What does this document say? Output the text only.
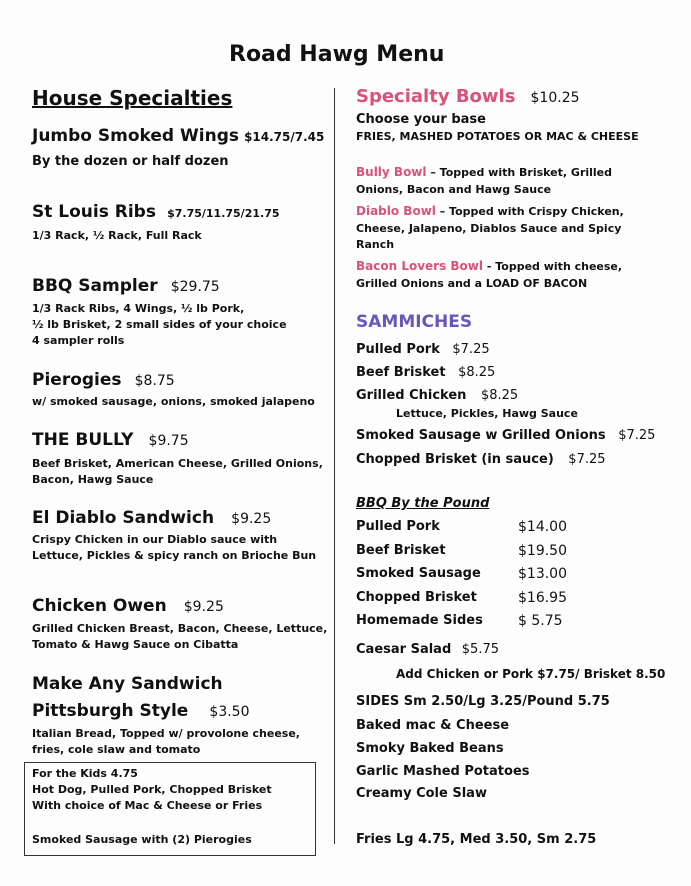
Road Hawg Menu
House Specialties
Jumbo Smoked Wings $14.75/7.45
By the dozen or half dozen
St Louis Ribs $7.75/11.75/21.75
1/3 Rack, ½ Rack, Full Rack
BBQ Sampler $29.75
1/3 Rack Ribs, 4 Wings, ½ lb Pork,
½ lb Brisket, 2 small sides of your choice
4 sampler rolls
Pierogies $8.75
w/ smoked sausage, onions, smoked jalapeno
THE BULLY $9.75
Beef Brisket, American Cheese, Grilled Onions,
Bacon, Hawg Sauce
El Diablo Sandwich $9.25
Crispy Chicken in our Diablo sauce with
Lettuce, Pickles & spicy ranch on Brioche Bun
Chicken Owen $9.25
Grilled Chicken Breast, Bacon, Cheese, Lettuce,
Tomato & Hawg Sauce on Cibatta
Make Any Sandwich
Pittsburgh Style $3.50
Italian Bread, Topped w/ provolone cheese,
fries, cole slaw and tomato
For the Kids 4.75
Hot Dog, Pulled Pork, Chopped Brisket
With choice of Mac & Cheese or Fries
Smoked Sausage with (2) Pierogies
Specialty Bowls $10.25
Choose your base
FRIES, MASHED POTATOES OR MAC & CHEESE
Bully Bowl – Topped with Brisket, Grilled
Onions, Bacon and Hawg Sauce
Diablo Bowl – Topped with Crispy Chicken,
Cheese, Jalapeno, Diablos Sauce and Spicy
Ranch
Bacon Lovers Bowl - Topped with cheese,
Grilled Onions and a LOAD OF BACON
SAMMICHES
Pulled Pork $7.25
Beef Brisket $8.25
Grilled Chicken $8.25
Lettuce, Pickles, Hawg Sauce
Smoked Sausage w Grilled Onions $7.25
Chopped Brisket (in sauce) $7.25
BBQ By the Pound
Pulled Pork	$14.00
Beef Brisket	$19.50
Smoked Sausage	$13.00
Chopped Brisket	$16.95
Homemade Sides	$ 5.75
Caesar Salad $5.75
Add Chicken or Pork $7.75/ Brisket 8.50
SIDES Sm 2.50/Lg 3.25/Pound 5.75
Baked mac & Cheese
Smoky Baked Beans
Garlic Mashed Potatoes
Creamy Cole Slaw
Fries Lg 4.75, Med 3.50, Sm 2.75
